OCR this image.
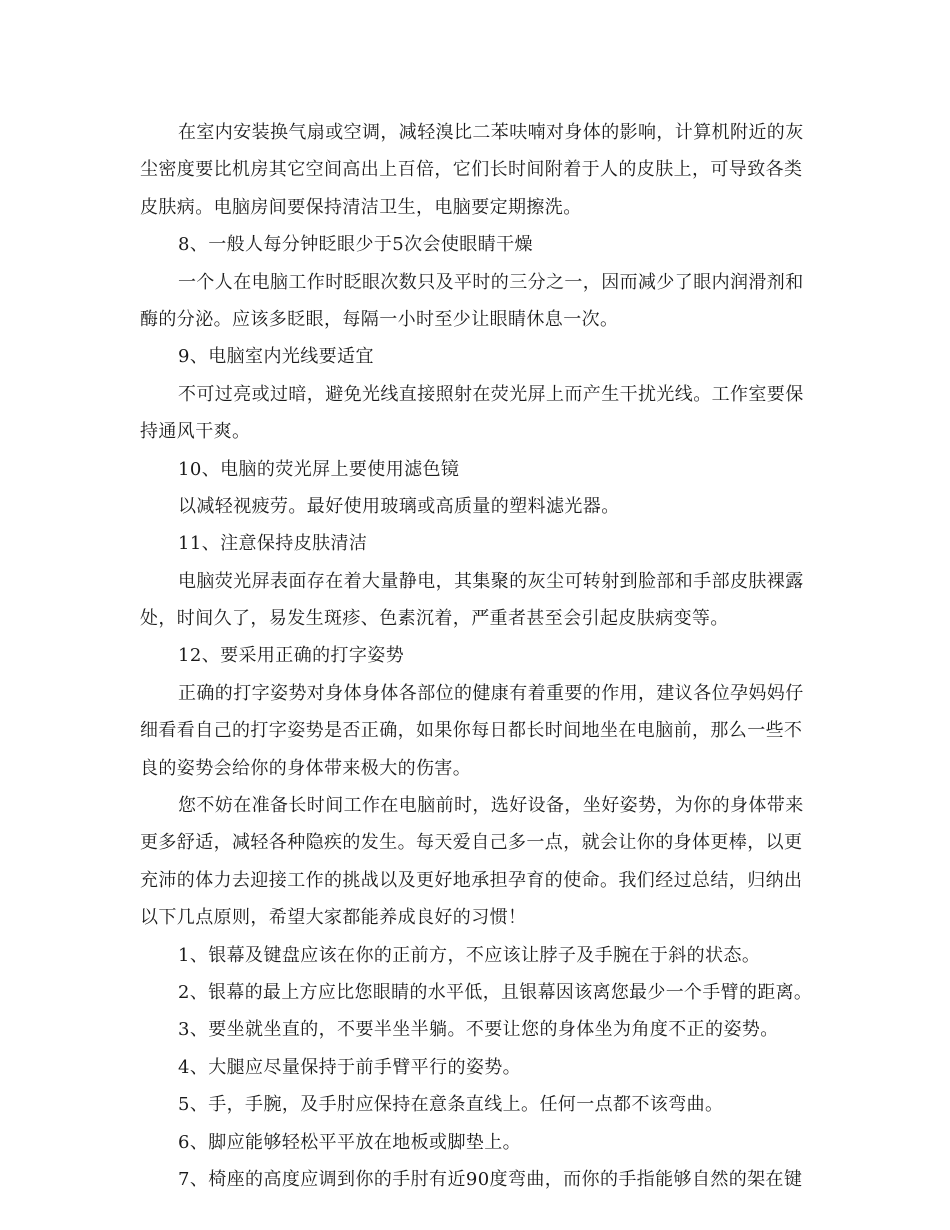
在室内安装换气扇或空调，减轻溴比二苯呋喃对身体的影响，计算机附近的灰
尘密度要比机房其它空间高出上百倍，它们长时间附着于人的皮肤上，可导致各类
皮肤病。电脑房间要保持清洁卫生，电脑要定期擦洗。
8、一般人每分钟眨眼少于5次会使眼睛干燥
一个人在电脑工作时眨眼次数只及平时的三分之一，因而减少了眼内润滑剂和
酶的分泌。应该多眨眼，每隔一小时至少让眼睛休息一次。
9、电脑室内光线要适宜
不可过亮或过暗，避免光线直接照射在荧光屏上而产生干扰光线。工作室要保
持通风干爽。
10、电脑的荧光屏上要使用滤色镜
以减轻视疲劳。最好使用玻璃或高质量的塑料滤光器。
11、注意保持皮肤清洁
电脑荧光屏表面存在着大量静电，其集聚的灰尘可转射到脸部和手部皮肤裸露
处，时间久了，易发生斑疹、色素沉着，严重者甚至会引起皮肤病变等。
12、要采用正确的打字姿势
正确的打字姿势对身体身体各部位的健康有着重要的作用，建议各位孕妈妈仔
细看看自己的打字姿势是否正确，如果你每日都长时间地坐在电脑前，那么一些不
良的姿势会给你的身体带来极大的伤害。
您不妨在准备长时间工作在电脑前时，选好设备，坐好姿势，为你的身体带来
更多舒适，减轻各种隐疾的发生。每天爱自己多一点，就会让你的身体更棒，以更
充沛的体力去迎接工作的挑战以及更好地承担孕育的使命。我们经过总结，归纳出
以下几点原则，希望大家都能养成良好的习惯！
1、银幕及键盘应该在你的正前方，不应该让脖子及手腕在于斜的状态。
2、银幕的最上方应比您眼睛的水平低，且银幕因该离您最少一个手臂的距离。
3、要坐就坐直的，不要半坐半躺。不要让您的身体坐为角度不正的姿势。
4、大腿应尽量保持于前手臂平行的姿势。
5、手，手腕，及手肘应保持在意条直线上。任何一点都不该弯曲。
6、脚应能够轻松平平放在地板或脚垫上。
7、椅座的高度应调到你的手肘有近90度弯曲，而你的手指能够自然的架在键
